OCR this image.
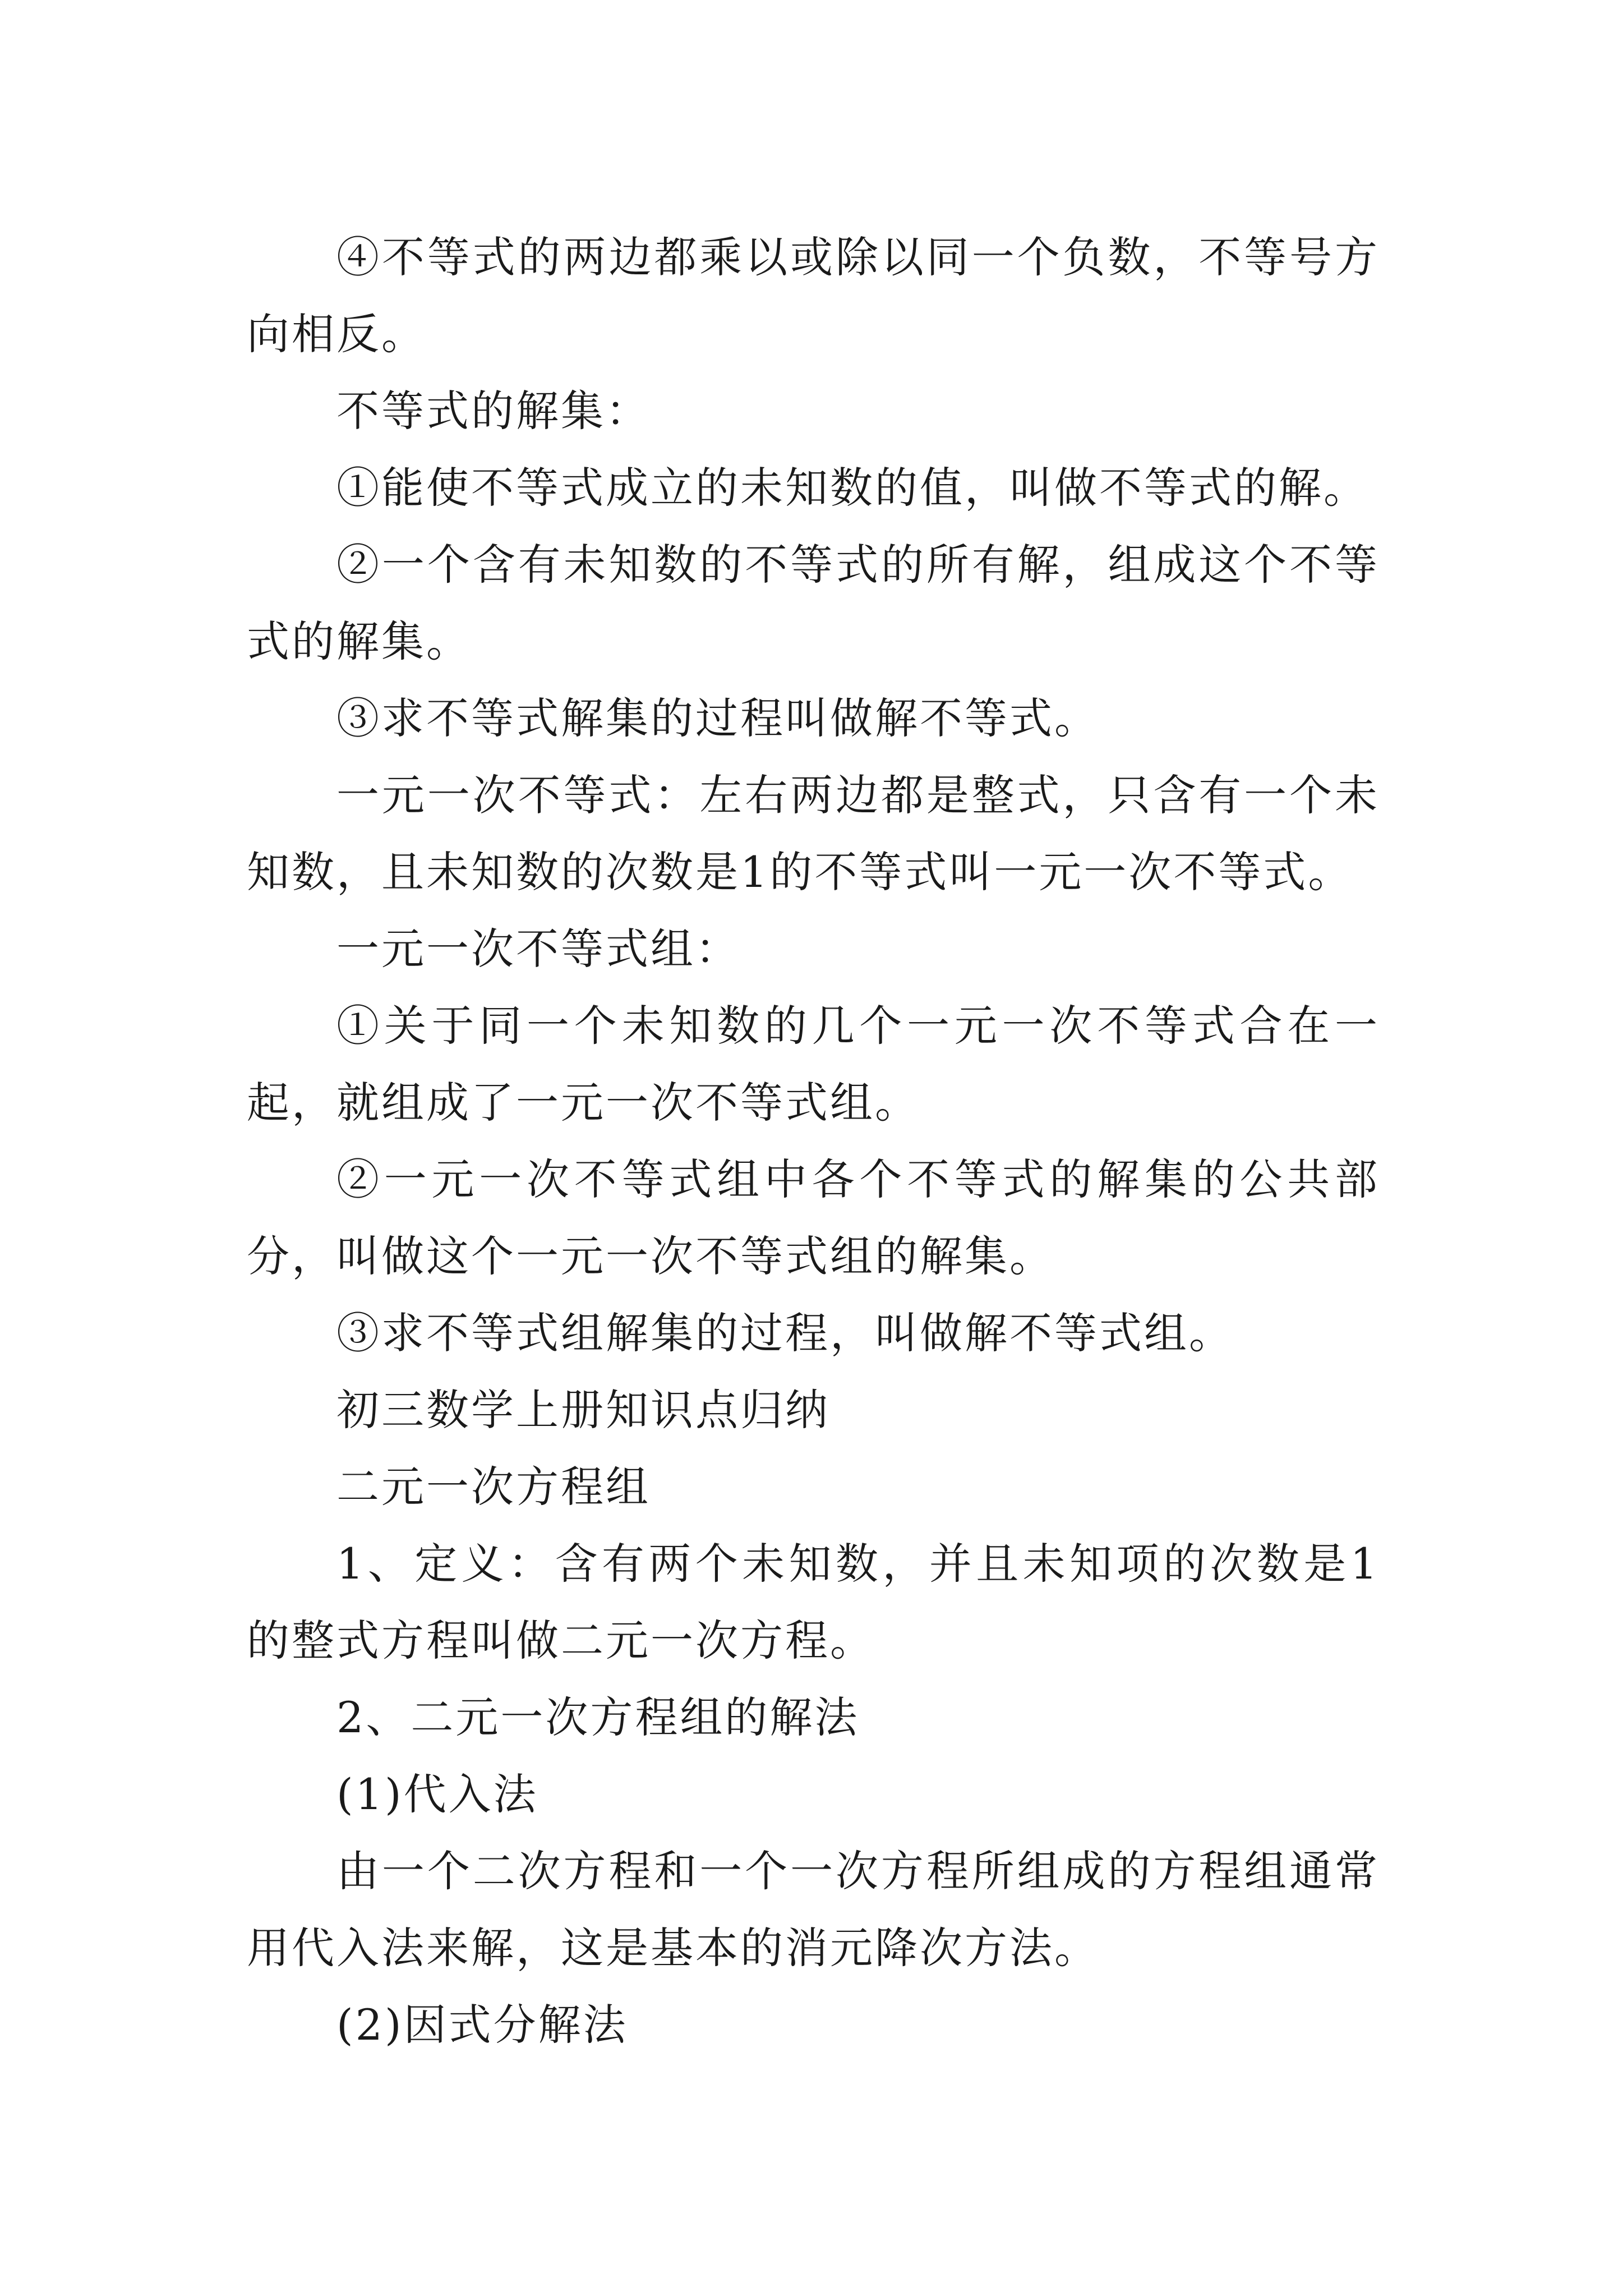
④不等式的两边都乘以或除以同一个负数，不等号方向相反。

不等式的解集：

①能使不等式成立的未知数的值，叫做不等式的解。

②一个含有未知数的不等式的所有解，组成这个不等式的解集。

③求不等式解集的过程叫做解不等式。

一元一次不等式：左右两边都是整式，只含有一个未知数，且未知数的次数是1的不等式叫一元一次不等式。

一元一次不等式组：

①关于同一个未知数的几个一元一次不等式合在一起，就组成了一元一次不等式组。

②一元一次不等式组中各个不等式的解集的公共部分，叫做这个一元一次不等式组的解集。

③求不等式组解集的过程，叫做解不等式组。

初三数学上册知识点归纳

二元一次方程组

1、定义：含有两个未知数，并且未知项的次数是1的整式方程叫做二元一次方程。

2、二元一次方程组的解法

(1)代入法

由一个二次方程和一个一次方程所组成的方程组通常用代入法来解，这是基本的消元降次方法。

(2)因式分解法
